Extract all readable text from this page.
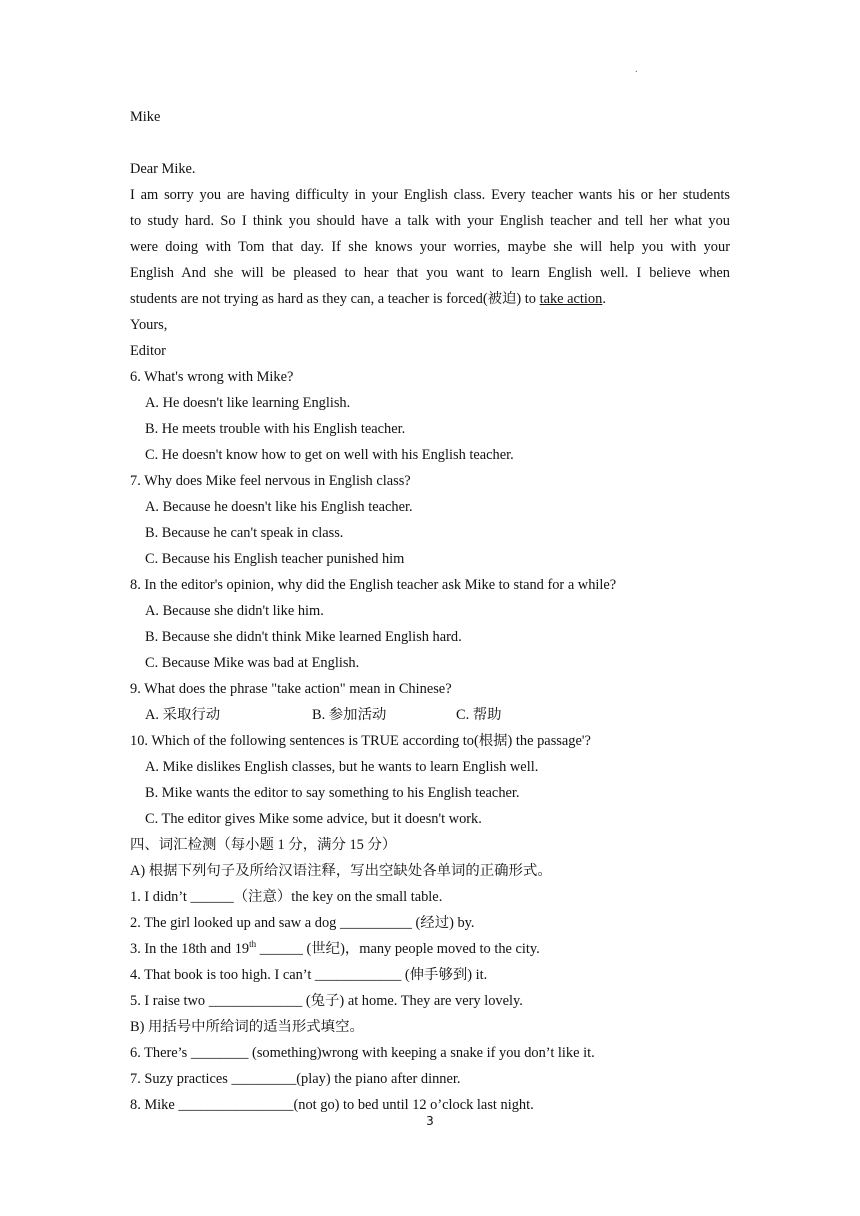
.
Mike
Dear Mike.
I am sorry you are having difficulty in your English class. Every teacher wants his or her students
to study hard. So I think you should have a talk with your English teacher and tell her what you
were doing with Tom that day. If she knows your worries, maybe she will help you with your
English And she will be pleased to hear that you want to learn English well. I believe when
students are not trying as hard as they can, a teacher is forced(被迫) to take action.
Yours,
Editor
6. What's wrong with Mike?
A. He doesn't like learning English.
B. He meets trouble with his English teacher.
C. He doesn't know how to get on well with his English teacher.
7. Why does Mike feel nervous in English class?
A. Because he doesn't like his English teacher.
B. Because he can't speak in class.
C. Because his English teacher punished him
8. In the editor's opinion, why did the English teacher ask Mike to stand for a while?
A. Because she didn't like him.
B. Because she didn't think Mike learned English hard.
C. Because Mike was bad at English.
9. What does the phrase "take action" mean in Chinese?
A. 采取行动	B. 参加活动	C. 帮助
10. Which of the following sentences is TRUE according to(根据) the passage'?
A. Mike dislikes English classes, but he wants to learn English well.
B. Mike wants the editor to say something to his English teacher.
C. The editor gives Mike some advice, but it doesn't work.
四、词汇检测（每小题 1 分，满分 15 分）
A) 根据下列句子及所给汉语注释，写出空缺处各单词的正确形式。
1. I didn’t ______（注意）the key on the small table.
2. The girl looked up and saw a dog __________ (经过) by.
3. In the 18th and 19th ______ (世纪)，many people moved to the city.
4. That book is too high. I can’t ____________ (伸手够到) it.
5. I raise two _____________ (兔子) at home. They are very lovely.
B) 用括号中所给词的适当形式填空。
6. There’s ________ (something)wrong with keeping a snake if you don’t like it.
7. Suzy practices _________(play) the piano after dinner.
8. Mike ________________(not go) to bed until 12 o’clock last night.
3
